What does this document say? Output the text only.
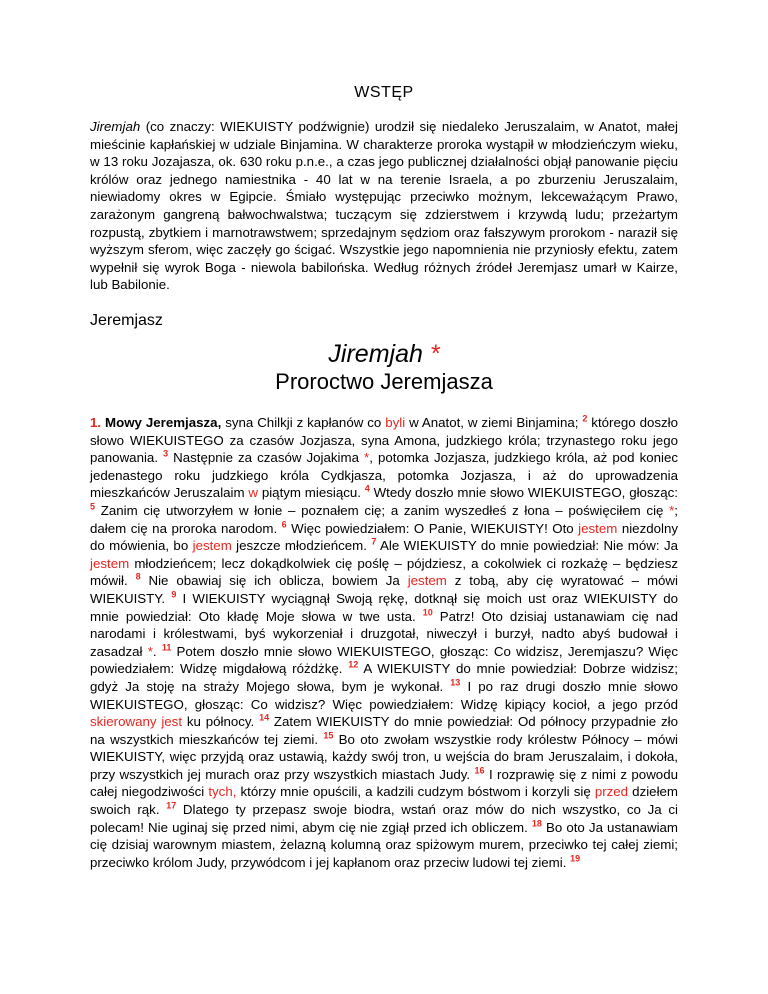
WSTĘP
Jiremjah (co znaczy: WIEKUISTY podźwignie) urodził się niedaleko Jeruszalaim, w Anatot, małej mieścinie kapłańskiej w udziale Binjamina. W charakterze proroka wystąpił w młodzieńczym wieku, w 13 roku Jozajasza, ok. 630 roku p.n.e., a czas jego publicznej działalności objął panowanie pięciu królów oraz jednego namiestnika - 40 lat w na terenie Israela, a po zburzeniu Jeruszalaim, niewiadomy okres w Egipcie. Śmiało występując przeciwko możnym, lekceważącym Prawo, zarażonym gangreną bałwochwalstwa; tuczącym się zdzierstwem i krzywdą ludu; przeżartym rozpustą, zbytkiem i marnotrawstwem; sprzedajnym sędziom oraz fałszywym prorokom - naraził się wyższym sferom, więc zaczęły go ścigać. Wszystkie jego napomnienia nie przyniosły efektu, zatem wypełnił się wyrok Boga - niewola babilońska. Według różnych źródeł Jeremjasz umarł w Kairze, lub Babilonie.
Jeremjasz
Jiremjah *
Proroctwo Jeremjasza
1. Mowy Jeremjasza, syna Chilkji z kapłanów co byli w Anatot, w ziemi Binjamina; $^2$ którego doszło słowo WIEKUISTEGO za czasów Jozjasza, syna Amona, judzkiego króla; trzynastego roku jego panowania. $^3$ Następnie za czasów Jojakima *, potomka Jozjasza, judzkiego króla, aż pod koniec jedenastego roku judzkiego króla Cydkjasza, potomka Jozjasza, i aż do uprowadzenia mieszkańców Jeruszalaim w piątym miesiącu. $^4$ Wtedy doszło mnie słowo WIEKUISTEGO, głosząc: $^5$ Zanim cię utworzyłem w łonie – poznałem cię; a zanim wyszedłeś z łona – poświęciłem cię *; dałem cię na proroka narodom. $^6$ Więc powiedziałem: O Panie, WIEKUISTY! Oto jestem niezdolny do mówienia, bo jestem jeszcze młodzieńcem. $^7$ Ale WIEKUISTY do mnie powiedział: Nie mów: Ja jestem młodzieńcem; lecz dokądkolwiek cię poślę – pójdziesz, a cokolwiek ci rozkażę – będziesz mówił. $^8$ Nie obawiaj się ich oblicza, bowiem Ja jestem z tobą, aby cię wyratować – mówi WIEKUISTY. $^9$ I WIEKUISTY wyciągnął Swoją rękę, dotknął się moich ust oraz WIEKUISTY do mnie powiedział: Oto kładę Moje słowa w twe usta. $^{10}$ Patrz! Oto dzisiaj ustanawiam cię nad narodami i królestwami, byś wykorzeniał i druzgotał, niweczył i burzył, nadto abyś budował i zasadzał *. $^{11}$ Potem doszło mnie słowo WIEKUISTEGO, głosząc: Co widzisz, Jeremjaszu? Więc powiedziałem: Widzę migdałową różdżkę. $^{12}$ A WIEKUISTY do mnie powiedział: Dobrze widzisz; gdyż Ja stoję na straży Mojego słowa, bym je wykonał. $^{13}$ I po raz drugi doszło mnie słowo WIEKUISTEGO, głosząc: Co widzisz? Więc powiedziałem: Widzę kipiący kocioł, a jego przód skierowany jest ku północy. $^{14}$ Zatem WIEKUISTY do mnie powiedział: Od północy przypadnie zło na wszystkich mieszkańców tej ziemi. $^{15}$ Bo oto zwołam wszystkie rody królestw Północy – mówi WIEKUISTY, więc przyjdą oraz ustawią, każdy swój tron, u wejścia do bram Jeruszalaim, i dokoła, przy wszystkich jej murach oraz przy wszystkich miastach Judy. $^{16}$ I rozprawię się z nimi z powodu całej niegodziwości tych, którzy mnie opuścili, a kadzili cudzym bóstwom i korzyli się przed dziełem swoich rąk. $^{17}$ Dlatego ty przepasz swoje biodra, wstań oraz mów do nich wszystko, co Ja ci polecam! Nie uginaj się przed nimi, abym cię nie zgiął przed ich obliczem. $^{18}$ Bo oto Ja ustanawiam cię dzisiaj warownym miastem, żelazną kolumną oraz spiżowym murem, przeciwko tej całej ziemi; przeciwko królom Judy, przywódcom i jej kapłanom oraz przeciw ludowi tej ziemi. $^{19}$
